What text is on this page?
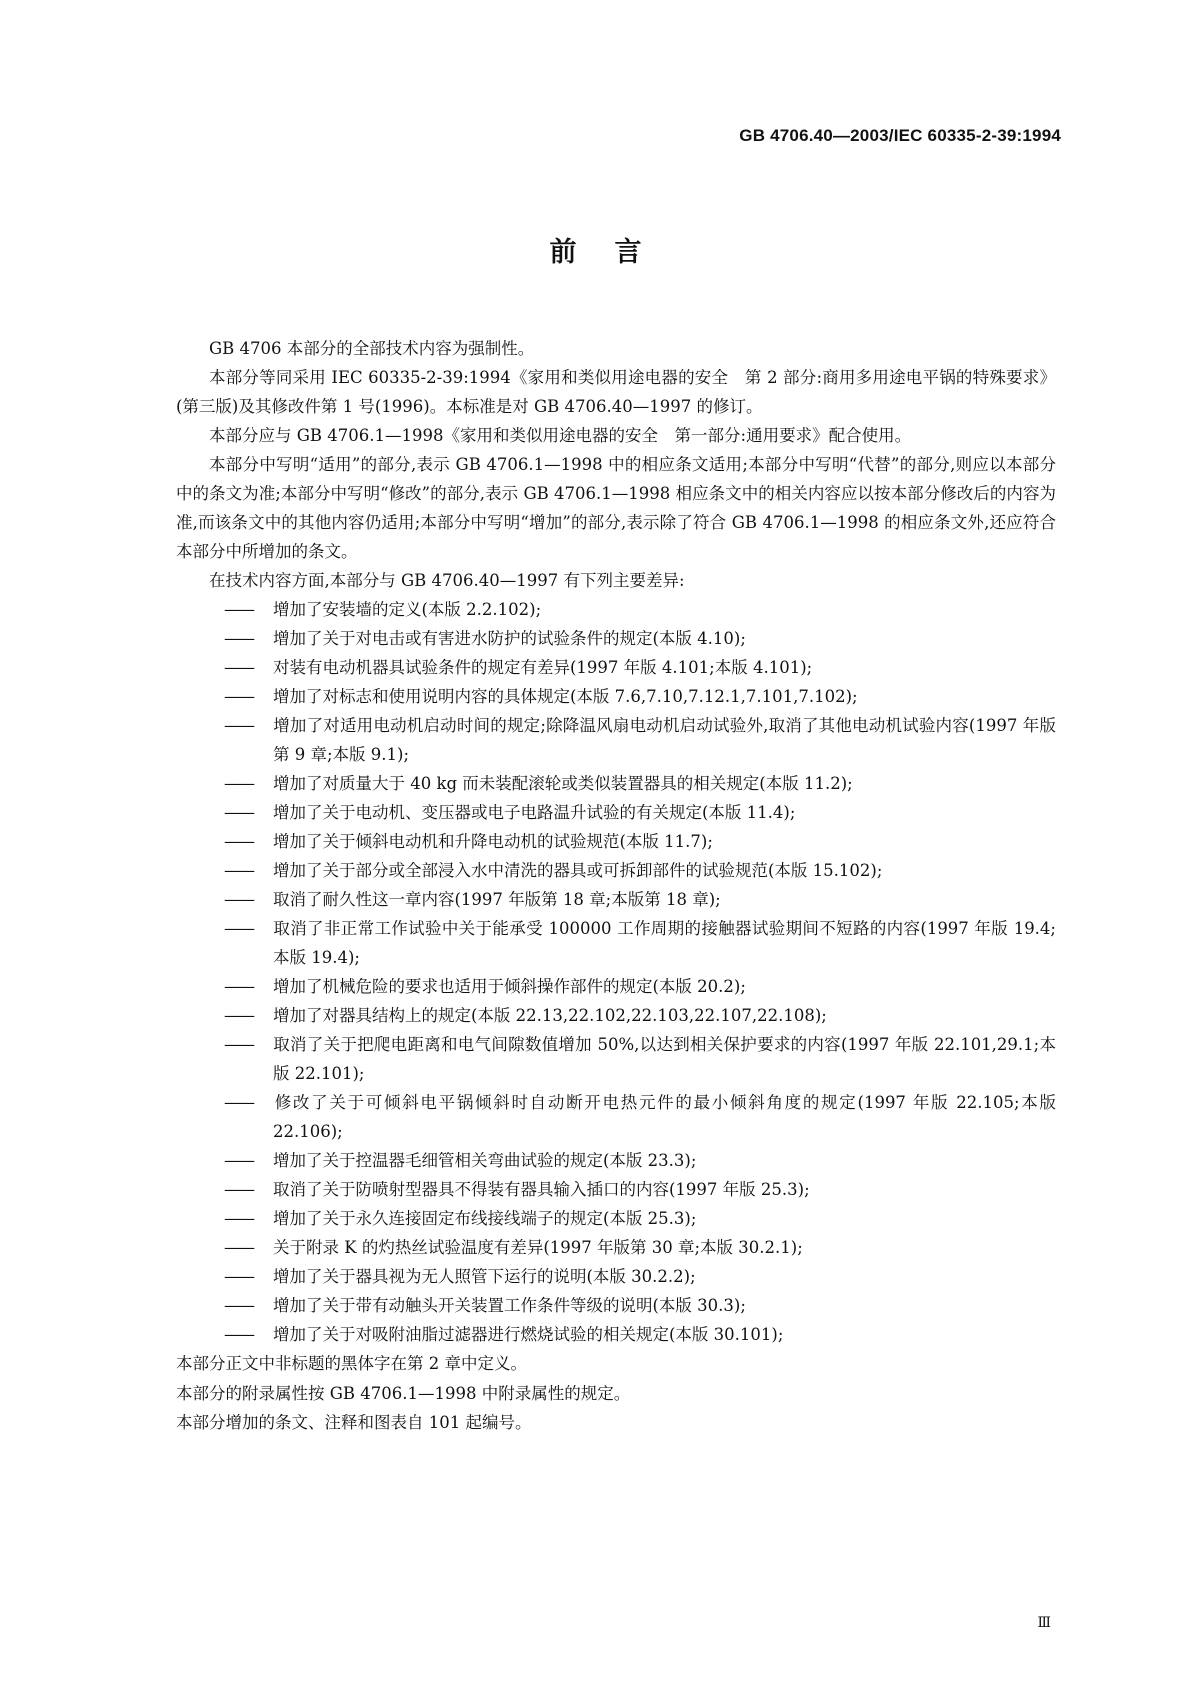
GB 4706.40—2003/IEC 60335-2-39:1994
前言

GB 4706 本部分的全部技术内容为强制性。

本部分等同采用 IEC 60335-2-39:1994《家用和类似用途电器的安全　第 2 部分:商用多用途电平锅的特殊要求》(第三版)及其修改件第 1 号(1996)。本标准是对 GB 4706.40—1997 的修订。

本部分应与 GB 4706.1—1998《家用和类似用途电器的安全　第一部分:通用要求》配合使用。

本部分中写明“适用”的部分,表示 GB 4706.1—1998 中的相应条文适用;本部分中写明“代替”的部分,则应以本部分中的条文为准;本部分中写明“修改”的部分,表示 GB 4706.1—1998 相应条文中的相关内容应以按本部分修改后的内容为准,而该条文中的其他内容仍适用;本部分中写明“增加”的部分,表示除了符合 GB 4706.1—1998 的相应条文外,还应符合本部分中所增加的条文。

在技术内容方面,本部分与 GB 4706.40—1997 有下列主要差异:

—— 增加了安装墙的定义(本版 2.2.102);

—— 增加了关于对电击或有害进水防护的试验条件的规定(本版 4.10);

—— 对装有电动机器具试验条件的规定有差异(1997 年版 4.101;本版 4.101);

—— 增加了对标志和使用说明内容的具体规定(本版 7.6,7.10,7.12.1,7.101,7.102);

—— 增加了对适用电动机启动时间的规定;除降温风扇电动机启动试验外,取消了其他电动机试验内容(1997 年版第 9 章;本版 9.1);

—— 增加了对质量大于 40 kg 而未装配滚轮或类似装置器具的相关规定(本版 11.2);

—— 增加了关于电动机、变压器或电子电路温升试验的有关规定(本版 11.4);

—— 增加了关于倾斜电动机和升降电动机的试验规范(本版 11.7);

—— 增加了关于部分或全部浸入水中清洗的器具或可拆卸部件的试验规范(本版 15.102);

—— 取消了耐久性这一章内容(1997 年版第 18 章;本版第 18 章);

—— 取消了非正常工作试验中关于能承受 100000 工作周期的接触器试验期间不短路的内容(1997 年版 19.4;本版 19.4);

—— 增加了机械危险的要求也适用于倾斜操作部件的规定(本版 20.2);

—— 增加了对器具结构上的规定(本版 22.13,22.102,22.103,22.107,22.108);

—— 取消了关于把爬电距离和电气间隙数值增加 50%,以达到相关保护要求的内容(1997 年版 22.101,29.1;本版 22.101);

—— 修改了关于可倾斜电平锅倾斜时自动断开电热元件的最小倾斜角度的规定(1997 年版 22.105;本版 22.106);

—— 增加了关于控温器毛细管相关弯曲试验的规定(本版 23.3);

—— 取消了关于防喷射型器具不得装有器具输入插口的内容(1997 年版 25.3);

—— 增加了关于永久连接固定布线接线端子的规定(本版 25.3);

—— 关于附录 K 的灼热丝试验温度有差异(1997 年版第 30 章;本版 30.2.1);

—— 增加了关于器具视为无人照管下运行的说明(本版 30.2.2);

—— 增加了关于带有动触头开关装置工作条件等级的说明(本版 30.3);

—— 增加了关于对吸附油脂过滤器进行燃烧试验的相关规定(本版 30.101);

本部分正文中非标题的黑体字在第 2 章中定义。

本部分的附录属性按 GB 4706.1—1998 中附录属性的规定。

本部分增加的条文、注释和图表自 101 起编号。

Ⅲ
